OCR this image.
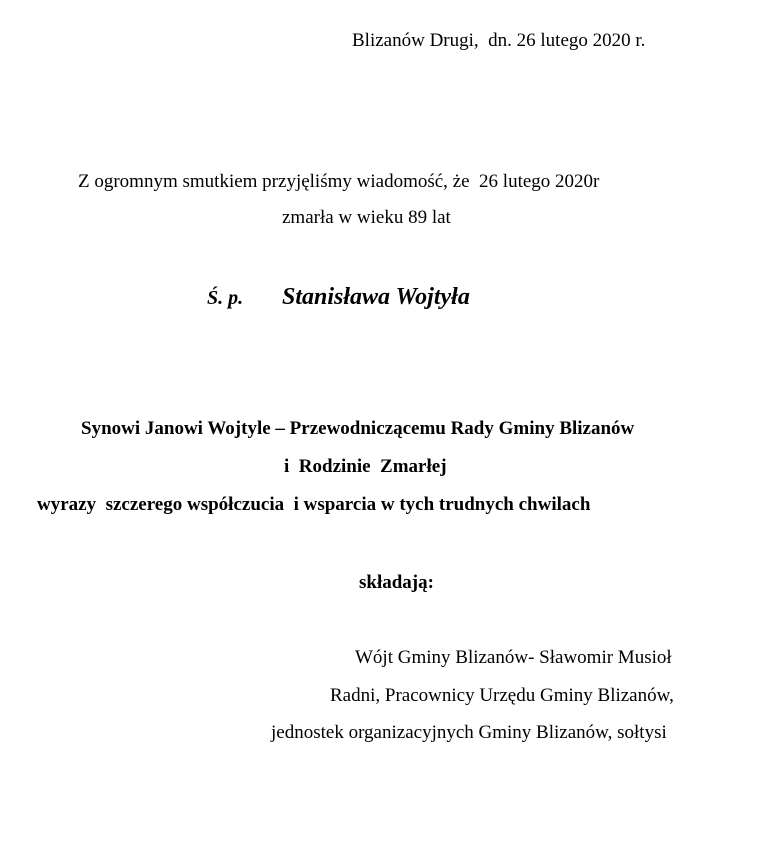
Blizanów Drugi,  dn. 26 lutego 2020 r.
Z ogromnym smutkiem przyjęliśmy wiadomość, że  26 lutego 2020r
zmarła w wieku 89 lat
Ś. p. Stanisława Wojtyła
Synowi Janowi Wojtyle – Przewodniczącemu Rady Gminy Blizanów
i  Rodzinie  Zmarłej
wyrazy  szczerego współczucia  i wsparcia w tych trudnych chwilach
składają:
Wójt Gminy Blizanów- Sławomir Musioł
Radni, Pracownicy Urzędu Gminy Blizanów,
jednostek organizacyjnych Gminy Blizanów, sołtysi
